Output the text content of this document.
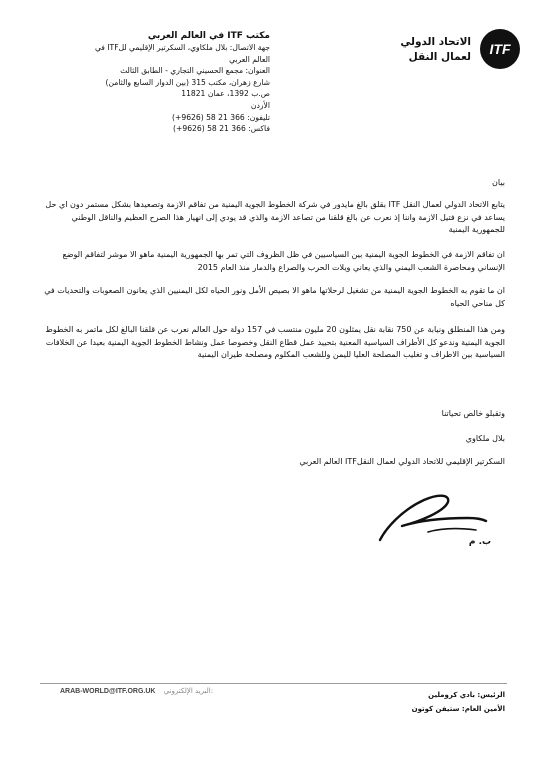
الاتحاد الدولي
لعمال النقل ITF
مكتب ITF في العالم العربي
جهة الاتصال: بلال ملكاوي، السكرتير الإقليمي للITF في
العالم العربي
العنوان: مجمع الحسيني التجاري - الطابق الثالث
شارع زهران، مكتب 315 (بين الدوار السابع والثامن)
ص.ب 1392، عمان 11821
الأردن
تليفون: 366 21 58 (9626+)
فاكس: 366 21 58 (9626+)

بيان

يتابع الاتحاد الدولي لعمال النقل ITF بقلق بالغ مايدور في شركة الخطوط الجوية اليمنية من تفاقم الازمة وتصعيدها بشكل مستمر دون اي حل يساعد في نزع فتيل الازمة واننا إذ نعرب عن بالغ قلقنا من تصاعد الازمة والذي قد يودي إلى انهيار هذا الصرح العظيم والناقل الوطني للجمهورية اليمنية

ان تفاقم الازمة في الخطوط الجوية اليمنية بين السياسيين في ظل الظروف التي تمر بها الجمهورية اليمنية ماهو الا موشر لتفاقم الوضع الإنساني ومحاصرة الشعب اليمني والذي يعاني ويلات الحرب والصراع والدمار منذ العام 2015

ان ما تقوم به الخطوط الجوية اليمنية من تشغيل لرحلاتها ماهو الا بصيص الأمل ونور الحياه لكل اليمنيين الذي يعانون الصعوبات والتحديات في كل مناحي الحياه

ومن هذا المنطلق ونيابة عن 750 نقابة نقل يمثلون 20 مليون منتسب في 157 دولة حول العالم نعرب عن قلقنا البالغ لكل ماتمر به الخطوط الجوية اليمنية وندعو كل الأطراف السياسية المعنية بتحييد عمل قطاع النقل وخصوصا عمل ونشاط الخطوط الجوية اليمنية بعيدا عن الخلافات السياسية بين الاطراف و تغليب المصلحة العليا لليمن وللشعب المكلوم ومصلحة طيران اليمنية

وتقبلو خالص تحياتنا

بلال ملكاوي

السكرتير الإقليمي للاتحاد الدولي لعمال النقلITF العالم العربي

ب. م
ARAB-WORLD@ITF.ORG.UK :البريد الإلكتروني	الرئيس: بادي كروملين
الأمين العام: ستيفن كوتون
